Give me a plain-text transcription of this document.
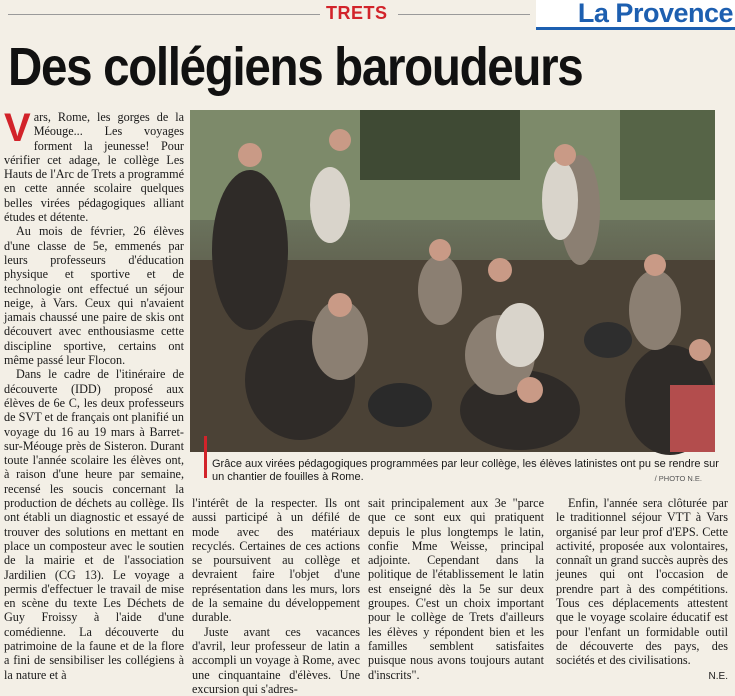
TRETS	La Provence
Des collégiens baroudeurs

Vars, Rome, les gorges de la Méouge... Les voyages forment la jeunesse! Pour vérifier cet adage, le collège Les Hauts de l'Arc de Trets a programmé en cette année scolaire quelques belles virées pédagogiques alliant études et détente.

Au mois de février, 26 élèves d'une classe de 5e, emmenés par leurs professeurs d'éducation physique et sportive et de technologie ont effectué un séjour neige, à Vars. Ceux qui n'avaient jamais chaussé une paire de skis ont découvert avec enthousiasme cette discipline sportive, certains ont même passé leur Flocon.

Dans le cadre de l'itinéraire de découverte (IDD) proposé aux élèves de 6e C, les deux professeurs de SVT et de français ont planifié un voyage du 16 au 19 mars à Barret-sur-Méouge près de Sisteron. Durant toute l'année scolaire les élèves ont, à raison d'une heure par semaine, recensé les soucis concernant la production de déchets au collège. Ils ont établi un diagnostic et essayé de trouver des solutions en mettant en place un composteur avec le soutien de la mairie et de l'association Jardilien (CG 13). Le voyage a permis d'effectuer le travail de mise en scène du texte Les Déchets de Guy Froissy à l'aide d'une comédienne. La découverte du patrimoine de la faune et de la flore a fini de sensibiliser les collégiens à la nature et à

Grâce aux virées pédagogiques programmées par leur collège, les élèves latinistes ont pu se rendre sur un chantier de fouilles à Rome.	/ PHOTO N.E.

l'intérêt de la respecter. Ils ont aussi participé à un défilé de mode avec des matériaux recyclés. Certaines de ces actions se poursuivent au collège et devraient faire l'objet d'une représentation dans les murs, lors de la semaine du développement durable.

Juste avant ces vacances d'avril, leur professeur de latin a accompli un voyage à Rome, avec une cinquantaine d'élèves. Une excursion qui s'adres-

sait principalement aux 3e "parce que ce sont eux qui pratiquent depuis le plus longtemps le latin, confie Mme Weisse, principal adjointe. Cependant dans la politique de l'établissement le latin est enseigné dès la 5e sur deux groupes. C'est un choix important pour le collège de Trets d'ailleurs les élèves y répondent bien et les familles semblent satisfaites puisque nous avons toujours autant d'inscrits".

Enfin, l'année sera clôturée par le traditionnel séjour VTT à Vars organisé par leur prof d'EPS. Cette activité, proposée aux volontaires, connaît un grand succès auprès des jeunes qui ont l'occasion de prendre part à des compétitions. Tous ces déplacements attestent que le voyage scolaire éducatif est pour l'enfant un formidable outil de découverte des pays, des sociétés et des civilisations.

N.E.
